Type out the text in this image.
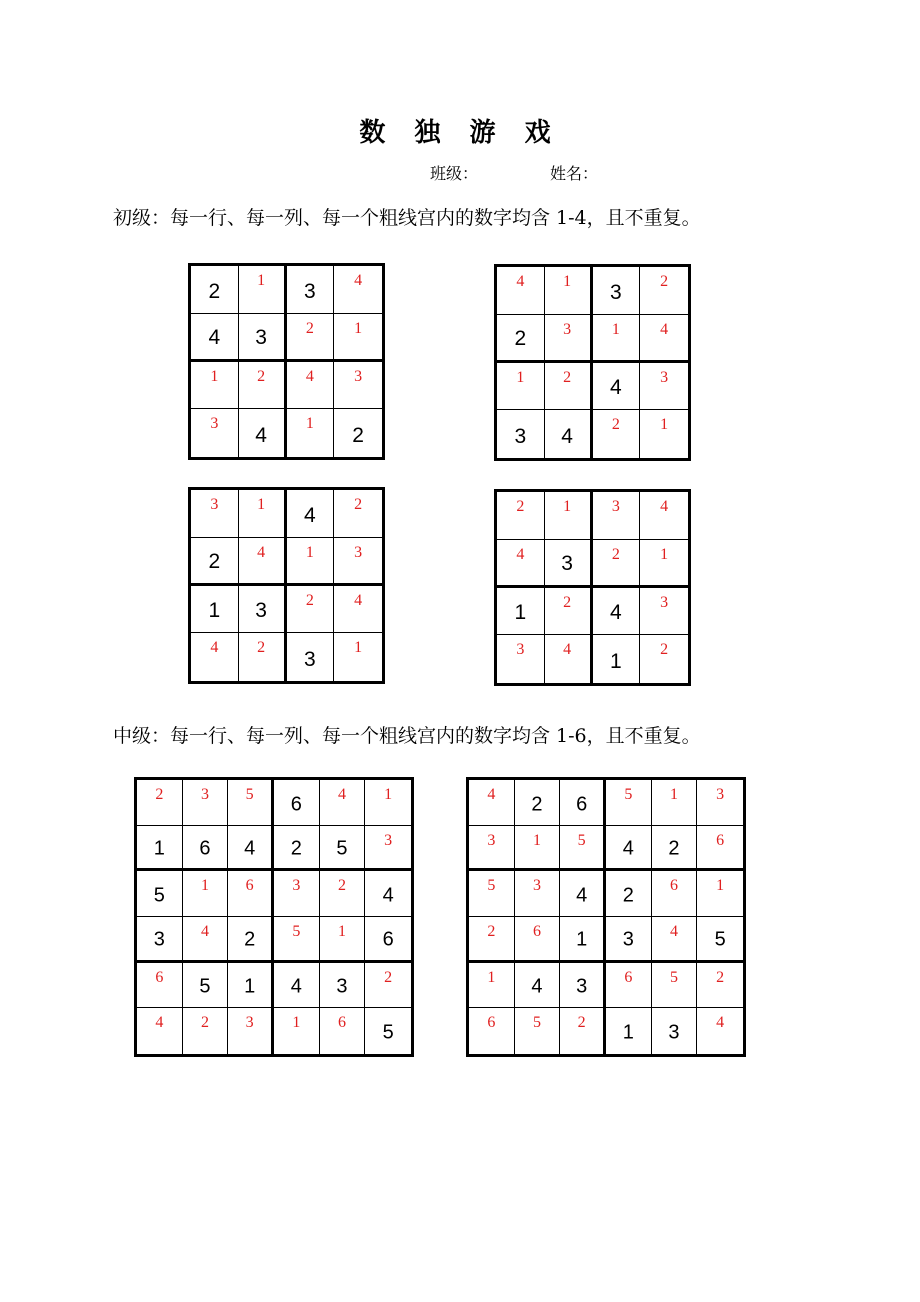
数 独 游 戏
班级：	姓名：
初级：每一行、每一列、每一个粗线宫内的数字均含 1-4，且不重复。
2	1	3	4
4	3	2	1
1	2	4	3
3	4	1	2
4	1	3	2
2	3	1	4
1	2	4	3
3	4	2	1
3	1	4	2
2	4	1	3
1	3	2	4
4	2	3	1
2	1	3	4
4	3	2	1
1	2	4	3
3	4	1	2
中级：每一行、每一列、每一个粗线宫内的数字均含 1-6，且不重复。
2	3	5	6	4	1
1	6	4	2	5	3
5	1	6	3	2	4
3	4	2	5	1	6
6	5	1	4	3	2
4	2	3	1	6	5
4	2	6	5	1	3
3	1	5	4	2	6
5	3	4	2	6	1
2	6	1	3	4	5
1	4	3	6	5	2
6	5	2	1	3	4
